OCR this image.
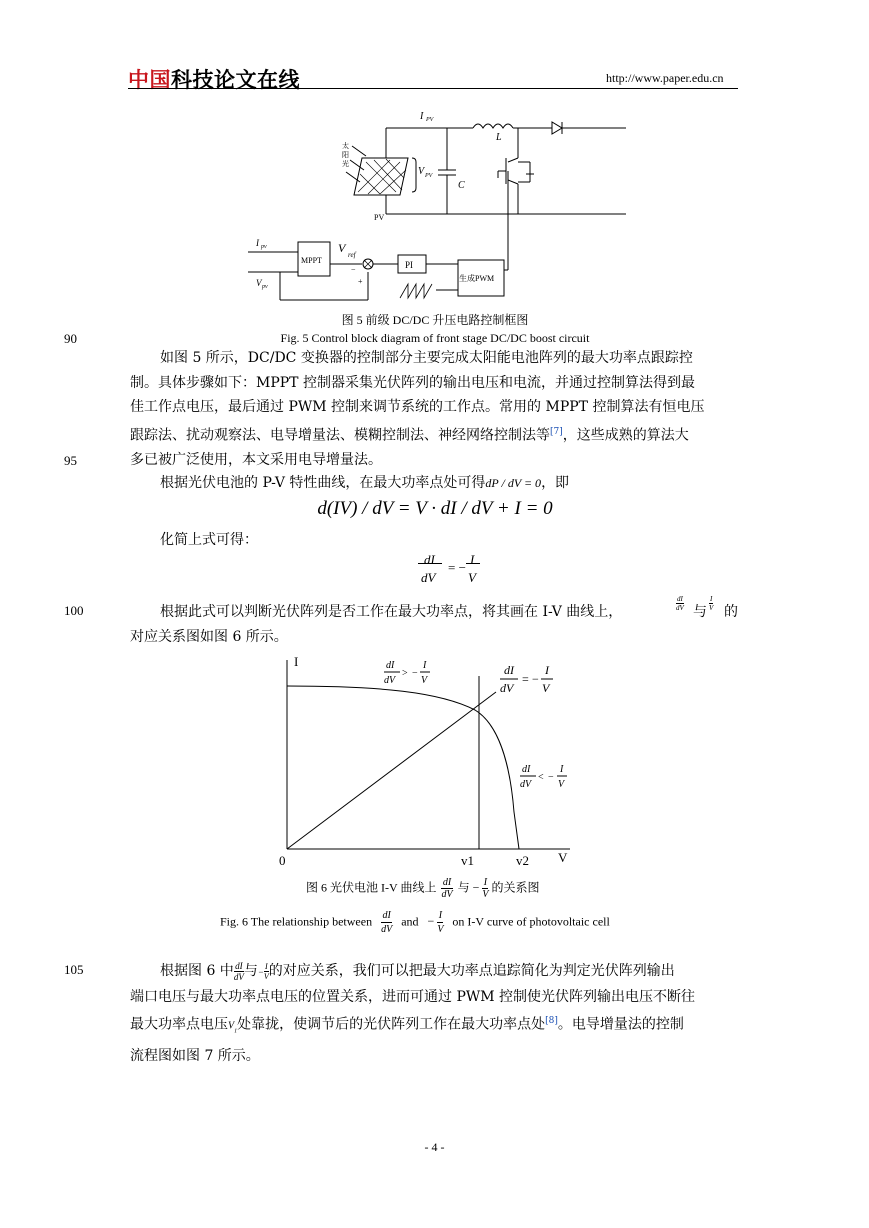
中国科技论文在线	http://www.paper.edu.cn
I PV
L
V PV
C
PV
太
阳
光
I pv
V pv
MPPT
V ref
−
+
PI
生成PWM
图 5 前级 DC/DC 升压电路控制框图
Fig. 5 Control block diagram of front stage DC/DC boost circuit
90
95
100
105
如图 5 所示，DC/DC 变换器的控制部分主要完成太阳能电池阵列的最大功率点跟踪控
制。具体步骤如下：MPPT 控制器采集光伏阵列的输出电压和电流，并通过控制算法得到最
佳工作点电压，最后通过 PWM 控制来调节系统的工作点。常用的 MPPT 控制算法有恒电压
跟踪法、扰动观察法、电导增量法、模糊控制法、神经网络控制法等[7]，这些成熟的算法大
多已被广泛使用，本文采用电导增量法。
根据光伏电池的 P-V 特性曲线，在最大功率点处可得dP / dV = 0，即
d(IV) / dV = V · dI / dV + I = 0
化简上式可得：
dI
dV
= −
I
V
根据此式可以判断光伏阵列是否工作在最大功率点，将其画在 I-V 曲线上，	$\frac{dI}{dV}$ 与 $\frac{I}{V}$ 的
对应关系图如图 6 所示。
I
V
0	v1	v2
dI
dV
> −
I
V
dI
dV
= −
I
V
dI
dV
< −
I
V
图 6 光伏电池 I-V 曲线上 $\frac{dI}{dV}$ 与 − $\frac{I}{V}$ 的关系图
Fig. 6 The relationship between $\frac{dI}{dV}$ and − $\frac{I}{V}$ on I-V curve of photovoltaic cell
根据图 6 中 $\frac{dI}{dV}$ 与− $\frac{I}{V}$ 的对应关系，我们可以把最大功率点追踪简化为判定光伏阵列输出
端口电压与最大功率点电压的位置关系，进而可通过 PWM 控制使光伏阵列输出电压不断往
最大功率点电压$V_1$处靠拢，使调节后的光伏阵列工作在最大功率点处[8]。电导增量法的控制
流程图如图 7 所示。
- 4 -
